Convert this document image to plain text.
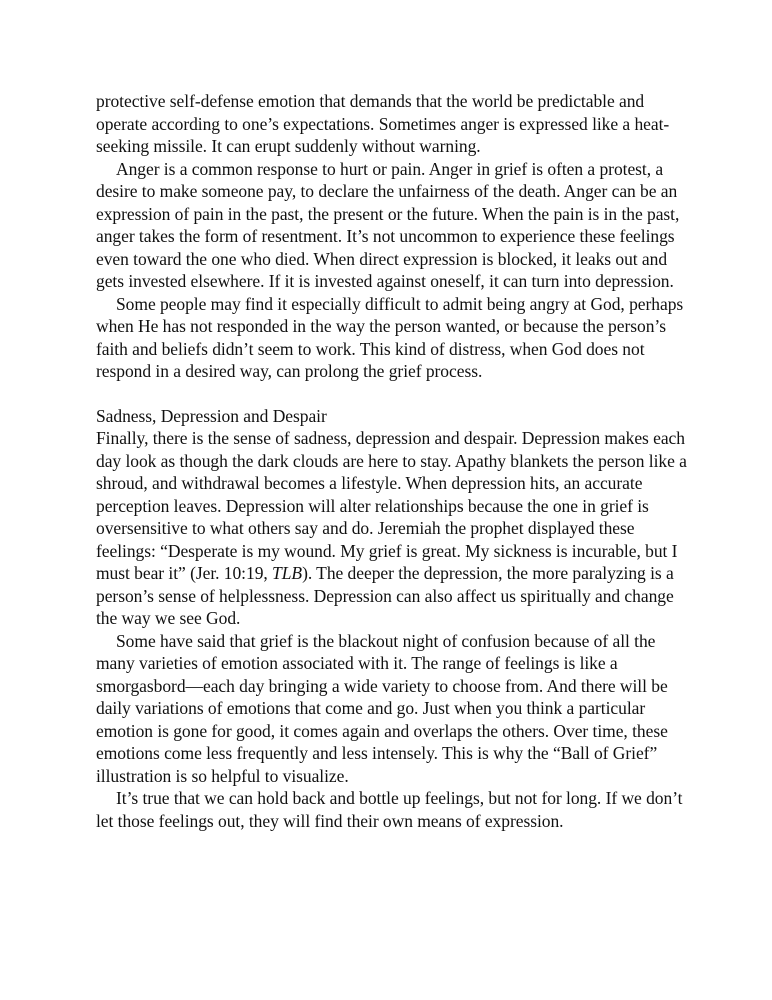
protective self-defense emotion that demands that the world be predictable and operate according to one’s expectations. Sometimes anger is expressed like a heat-seeking missile. It can erupt suddenly without warning.

Anger is a common response to hurt or pain. Anger in grief is often a protest, a desire to make someone pay, to declare the unfairness of the death. Anger can be an expression of pain in the past, the present or the future. When the pain is in the past, anger takes the form of resentment. It’s not uncommon to experience these feelings even toward the one who died. When direct expression is blocked, it leaks out and gets invested elsewhere. If it is invested against oneself, it can turn into depression.

Some people may find it especially difficult to admit being angry at God, perhaps when He has not responded in the way the person wanted, or because the person’s faith and beliefs didn’t seem to work. This kind of distress, when God does not respond in a desired way, can prolong the grief process.

Sadness, Depression and Despair

Finally, there is the sense of sadness, depression and despair. Depression makes each day look as though the dark clouds are here to stay. Apathy blankets the person like a shroud, and withdrawal becomes a lifestyle. When depression hits, an accurate perception leaves. Depression will alter relationships because the one in grief is oversensitive to what others say and do. Jeremiah the prophet displayed these feelings: “Desperate is my wound. My grief is great. My sickness is incurable, but I must bear it” (Jer. 10:19, TLB). The deeper the depression, the more paralyzing is a person’s sense of helplessness. Depression can also affect us spiritually and change the way we see God.

Some have said that grief is the blackout night of confusion because of all the many varieties of emotion associated with it. The range of feelings is like a smorgasbord—each day bringing a wide variety to choose from. And there will be daily variations of emotions that come and go. Just when you think a particular emotion is gone for good, it comes again and overlaps the others. Over time, these emotions come less frequently and less intensely. This is why the “Ball of Grief” illustration is so helpful to visualize.

It’s true that we can hold back and bottle up feelings, but not for long. If we don’t let those feelings out, they will find their own means of expression.
